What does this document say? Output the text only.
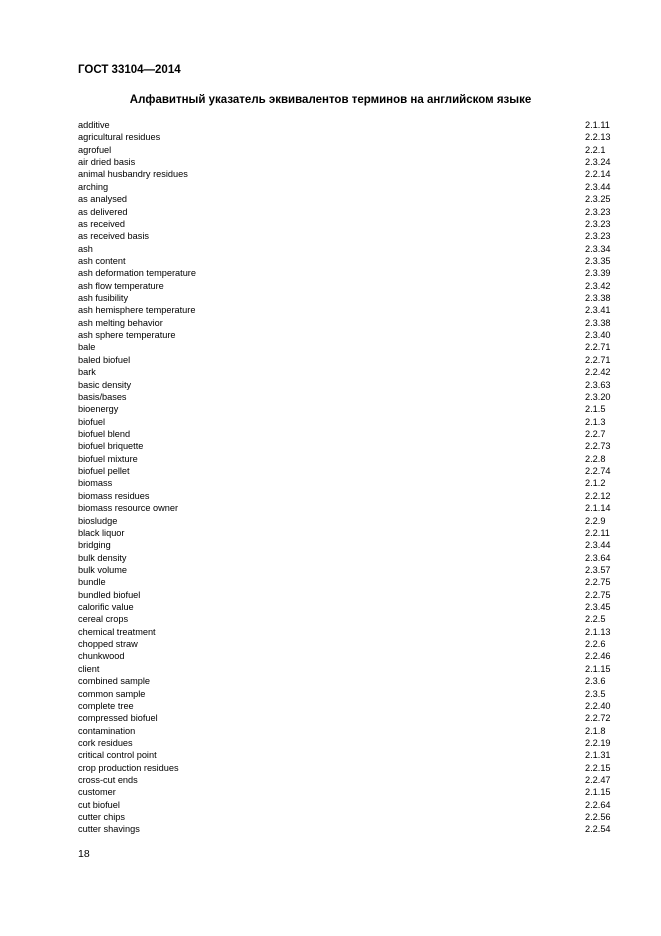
ГОСТ 33104—2014
Алфавитный указатель эквивалентов терминов на английском языке
additive	2.1.11
agricultural residues	2.2.13
agrofuel	2.2.1
air dried basis	2.3.24
animal husbandry residues	2.2.14
arching	2.3.44
as analysed	2.3.25
as delivered	2.3.23
as received	2.3.23
as received basis	2.3.23
ash	2.3.34
ash content	2.3.35
ash deformation temperature	2.3.39
ash flow temperature	2.3.42
ash fusibility	2.3.38
ash hemisphere temperature	2.3.41
ash melting behavior	2.3.38
ash sphere temperature	2.3.40
bale	2.2.71
baled biofuel	2.2.71
bark	2.2.42
basic density	2.3.63
basis/bases	2.3.20
bioenergy	2.1.5
biofuel	2.1.3
biofuel blend	2.2.7
biofuel briquette	2.2.73
biofuel mixture	2.2.8
biofuel pellet	2.2.74
biomass	2.1.2
biomass residues	2.2.12
biomass resource owner	2.1.14
biosludge	2.2.9
black liquor	2.2.11
bridging	2.3.44
bulk density	2.3.64
bulk volume	2.3.57
bundle	2.2.75
bundled biofuel	2.2.75
calorific value	2.3.45
cereal crops	2.2.5
chemical treatment	2.1.13
chopped straw	2.2.6
chunkwood	2.2.46
client	2.1.15
combined sample	2.3.6
common sample	2.3.5
complete tree	2.2.40
compressed biofuel	2.2.72
contamination	2.1.8
cork residues	2.2.19
critical control point	2.1.31
crop production residues	2.2.15
cross-cut ends	2.2.47
customer	2.1.15
cut biofuel	2.2.64
cutter chips	2.2.56
cutter shavings	2.2.54
18
